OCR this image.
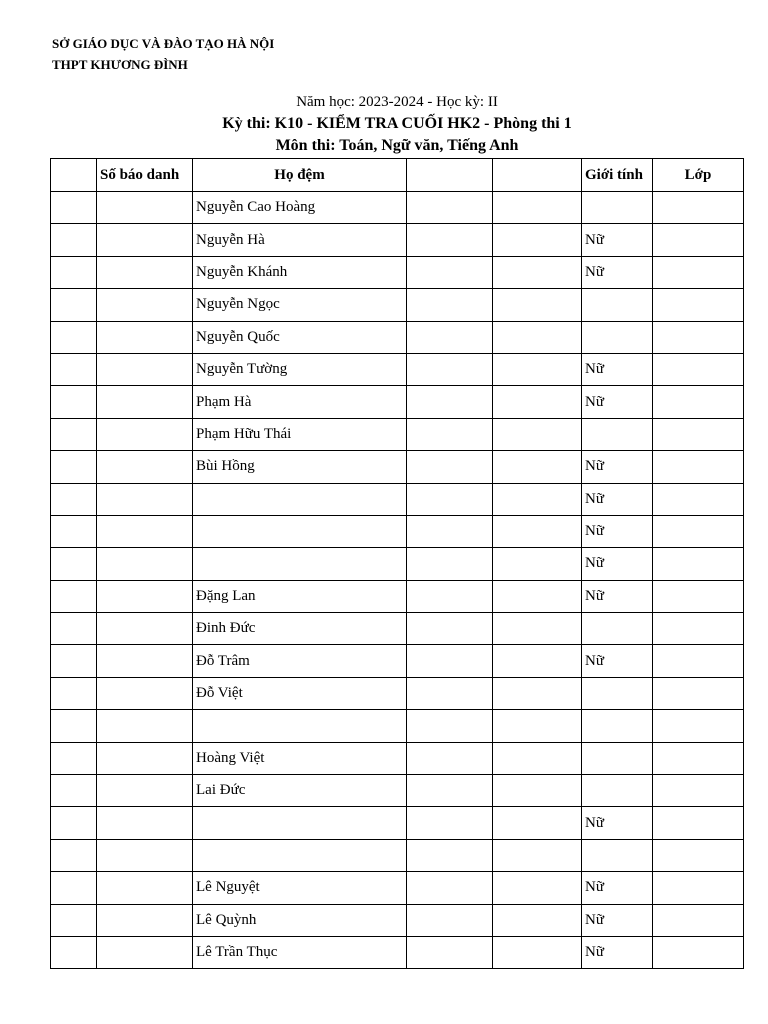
SỞ GIÁO DỤC VÀ ĐÀO TẠO HÀ NỘI
THPT KHƯƠNG ĐÌNH
Năm học: 2023-2024 - Học kỳ: II
Kỳ thi: K10 - KIỂM TRA CUỐI HK2 - Phòng thi 1
Môn thi: Toán, Ngữ văn, Tiếng Anh
	Số báo danh	Họ đệm			Giới tính	Lớp
		Nguyễn Cao Hoàng				
		Nguyễn Hà			Nữ	
		Nguyễn Khánh			Nữ	
		Nguyễn Ngọc				
		Nguyễn Quốc				
		Nguyễn Tường			Nữ	
		Phạm Hà			Nữ	
		Phạm Hữu Thái				
		Bùi Hồng			Nữ	
					Nữ	
					Nữ	
					Nữ	
		Đặng Lan			Nữ	
		Đinh Đức				
		Đỗ Trâm			Nữ	
		Đỗ Việt				

		Hoàng Việt				
		Lai Đức				
					Nữ	

		Lê Nguyệt			Nữ	
		Lê Quỳnh			Nữ	
		Lê Trần Thục			Nữ	
